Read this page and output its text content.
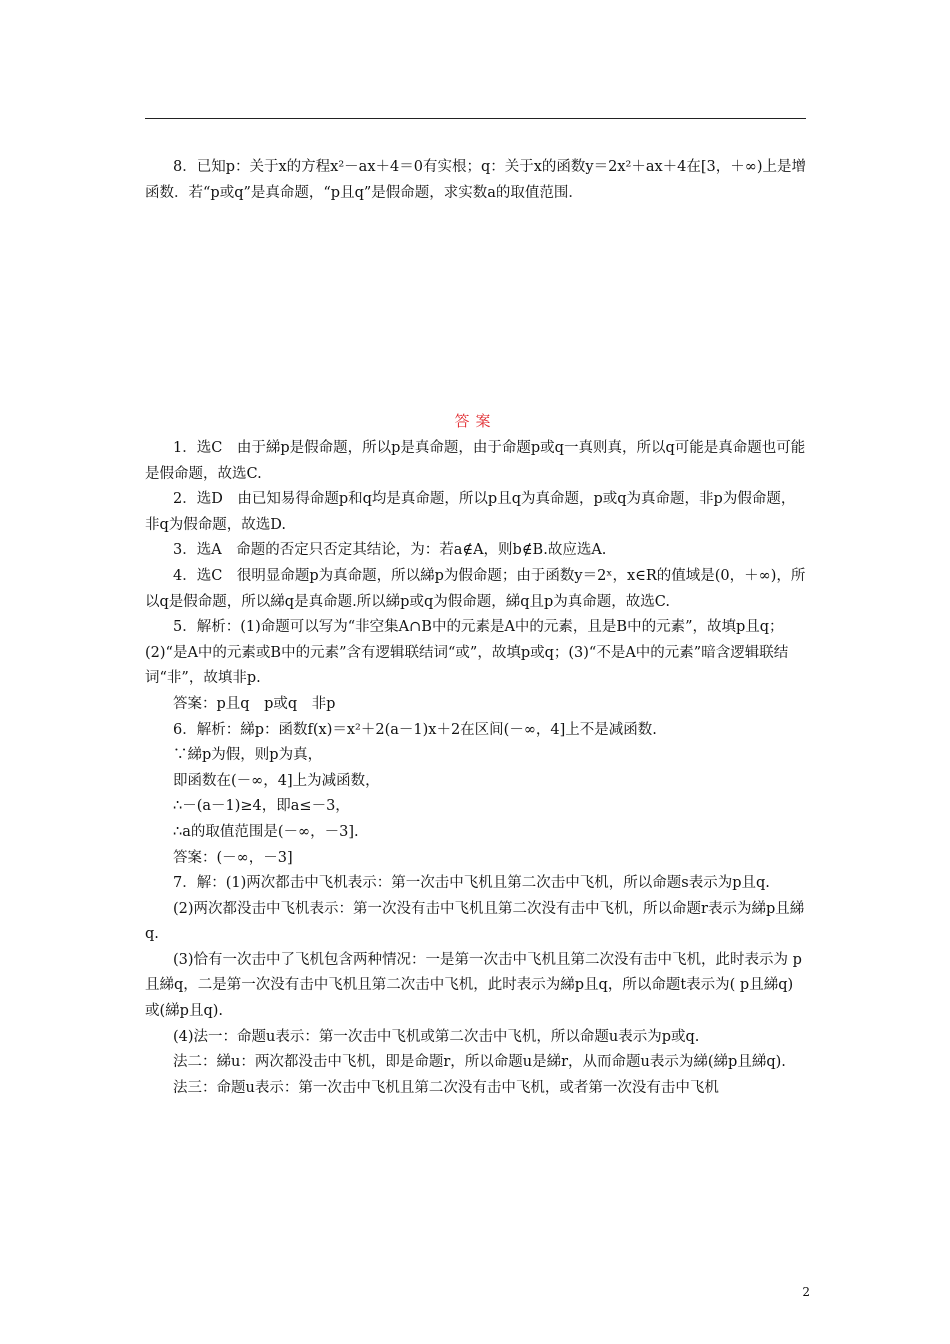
8．已知p：关于x的方程x²－ax＋4＝0有实根；q：关于x的函数y＝2x²＋ax＋4在[3，＋∞)上是增函数．若“p或q”是真命题，“p且q”是假命题，求实数a的取值范围．

答案

1．选C　由于綈p是假命题，所以p是真命题，由于命题p或q一真则真，所以q可能是真命题也可能是假命题，故选C.

2．选D　由已知易得命题p和q均是真命题，所以p且q为真命题，p或q为真命题，非p为假命题，非q为假命题，故选D.

3．选A　命题的否定只否定其结论，为：若a∉A，则b∉B.故应选A.

4．选C　很明显命题p为真命题，所以綈p为假命题；由于函数y＝2ˣ，x∈R的值域是(0，＋∞)，所以q是假命题，所以綈q是真命题.所以綈p或q为假命题，綈q且p为真命题，故选C.

5．解析：(1)命题可以写为“非空集A∩B中的元素是A中的元素，且是B中的元素”，故填p且q；(2)“是A中的元素或B中的元素”含有逻辑联结词“或”，故填p或q；(3)“不是A中的元素”暗含逻辑联结词“非”，故填非p.

答案：p且q　p或q　非p

6．解析：綈p：函数f(x)＝x²＋2(a－1)x＋2在区间(－∞，4]上不是减函数.

∵綈p为假，则p为真，

即函数在(－∞，4]上为减函数，

∴－(a－1)≥4，即a≤－3，

∴a的取值范围是(－∞，－3].

答案：(－∞，－3]

7．解：(1)两次都击中飞机表示：第一次击中飞机且第二次击中飞机，所以命题s表示为p且q.

(2)两次都没击中飞机表示：第一次没有击中飞机且第二次没有击中飞机，所以命题r表示为綈p且綈q.

(3)恰有一次击中了飞机包含两种情况：一是第一次击中飞机且第二次没有击中飞机，此时表示为 p且綈q，二是第一次没有击中飞机且第二次击中飞机，此时表示为綈p且q，所以命题t表示为( p且綈q)或(綈p且q).

(4)法一：命题u表示：第一次击中飞机或第二次击中飞机，所以命题u表示为p或q.

法二：綈u：两次都没击中飞机，即是命题r，所以命题u是綈r，从而命题u表示为綈(綈p且綈q).

法三：命题u表示：第一次击中飞机且第二次没有击中飞机，或者第一次没有击中飞机

2
